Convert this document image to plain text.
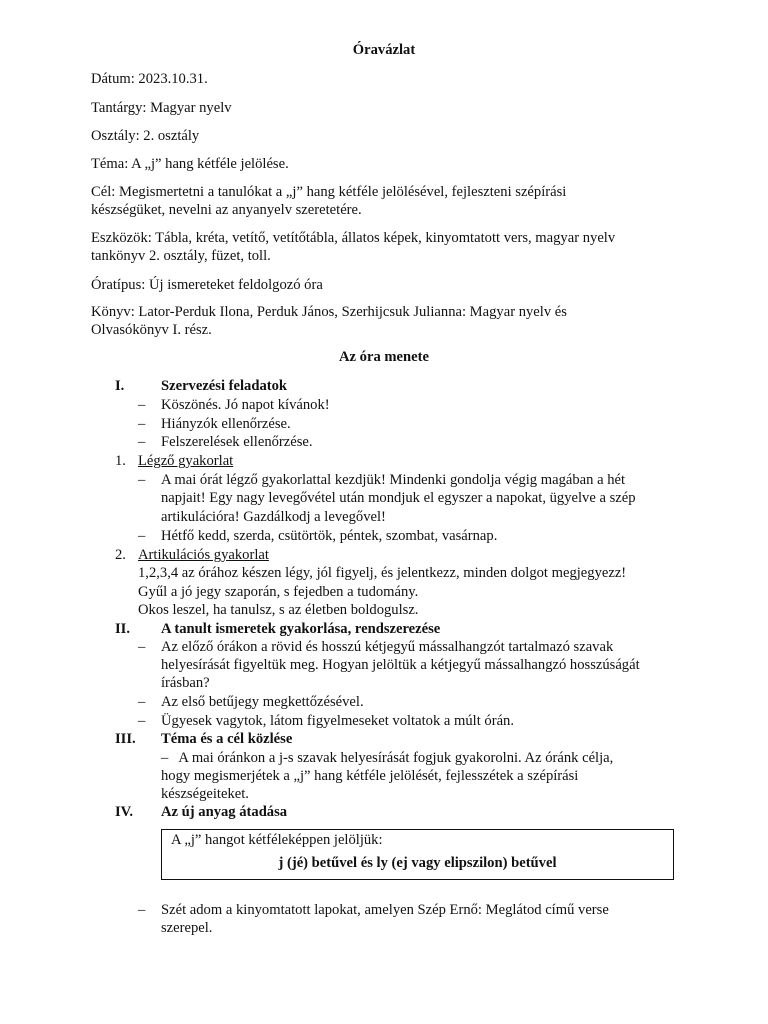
Óravázlat
Dátum: 2023.10.31.
Tantárgy: Magyar nyelv
Osztály: 2. osztály
Téma: A „j” hang kétféle jelölése.
Cél: Megismertetni a tanulókat a „j” hang kétféle jelölésével, fejleszteni szépírási
készségüket, nevelni az anyanyelv szeretetére.
Eszközök: Tábla, kréta, vetítő, vetítőtábla, állatos képek, kinyomtatott vers, magyar nyelv
tankönyv 2. osztály, füzet, toll.
Óratípus: Új ismereteket feldolgozó óra
Könyv: Lator-Perduk Ilona, Perduk János, Szerhijcsuk Julianna: Magyar nyelv és
Olvasókönyv I. rész.
Az óra menete
I.	Szervezési feladatok
– Köszönés. Jó napot kívánok!
– Hiányzók ellenőrzése.
– Felszerelések ellenőrzése.
1. Légző gyakorlat
– A mai órát légző gyakorlattal kezdjük! Mindenki gondolja végig magában a hét
napjait! Egy nagy levegővétel után mondjuk el egyszer a napokat, ügyelve a szép
artikulációra! Gazdálkodj a levegővel!
– Hétfő kedd, szerda, csütörtök, péntek, szombat, vasárnap.
2. Artikulációs gyakorlat
1,2,3,4 az órához készen légy, jól figyelj, és jelentkezz, minden dolgot megjegyezz!
Gyűl a jó jegy szaporán, s fejedben a tudomány.
Okos leszel, ha tanulsz, s az életben boldogulsz.
II. A tanult ismeretek gyakorlása, rendszerezése
– Az előző órákon a rövid és hosszú kétjegyű mássalhangzót tartalmazó szavak
helyesírását figyeltük meg. Hogyan jelöltük a kétjegyű mássalhangzó hosszúságát
írásban?
– Az első betűjegy megkettőzésével.
– Ügyesek vagytok, látom figyelmeseket voltatok a múlt órán.
III. Téma és a cél közlése
–   A mai óránkon a j-s szavak helyesírását fogjuk gyakorolni. Az óránk célja,
hogy megismerjétek a „j” hang kétféle jelölését, fejlesszétek a szépírási
készségeiteket.
IV. Az új anyag átadása
A „j” hangot kétféleképpen jelöljük:
j (jé) betűvel és ly (ej vagy elipszilon) betűvel
– Szét adom a kinyomtatott lapokat, amelyen Szép Ernő: Meglátod című verse
szerepel.
